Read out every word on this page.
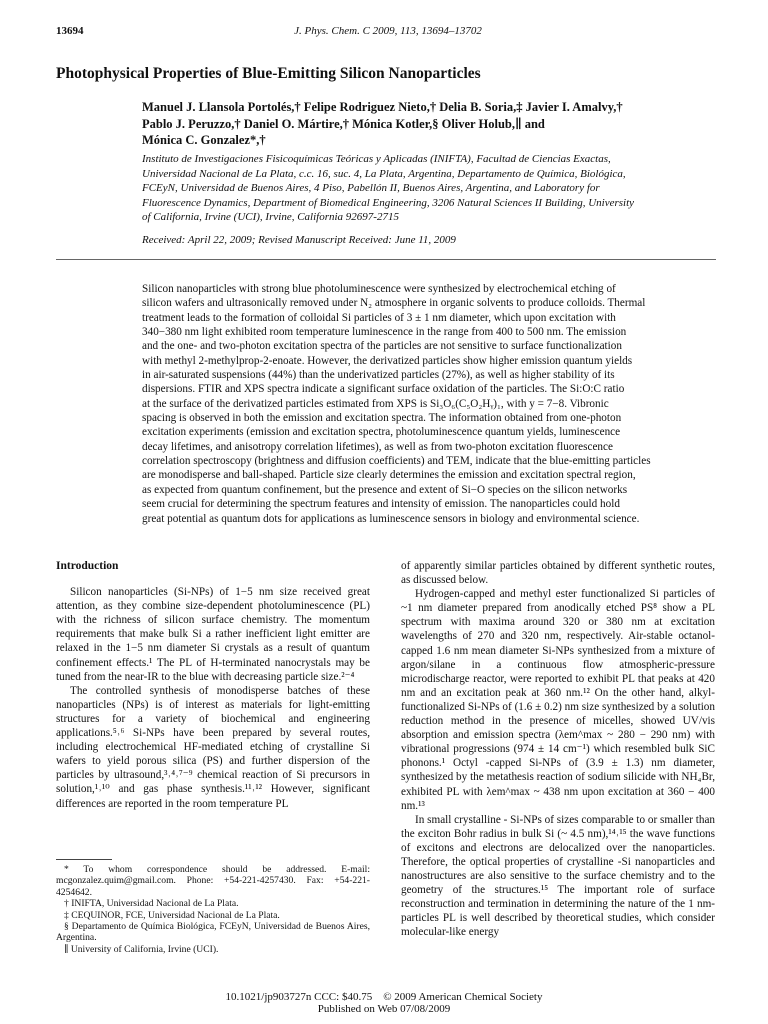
13694	J. Phys. Chem. C 2009, 113, 13694–13702
Photophysical Properties of Blue-Emitting Silicon Nanoparticles
Manuel J. Llansola Portolés,† Felipe Rodriguez Nieto,† Delia B. Soria,‡ Javier I. Amalvy,†
Pablo J. Peruzzo,† Daniel O. Mártire,† Mónica Kotler,§ Oliver Holub,∥ and
Mónica C. Gonzalez*,†
Instituto de Investigaciones Fisicoquímicas Teóricas y Aplicadas (INIFTA), Facultad de Ciencias Exactas,
Universidad Nacional de La Plata, c.c. 16, suc. 4, La Plata, Argentina, Departamento de Química, Biológica,
FCEyN, Universidad de Buenos Aires, 4 Piso, Pabellón II, Buenos Aires, Argentina, and Laboratory for
Fluorescence Dynamics, Department of Biomedical Engineering, 3206 Natural Sciences II Building, University
of California, Irvine (UCI), Irvine, California 92697-2715
Received: April 22, 2009; Revised Manuscript Received: June 11, 2009
Silicon nanoparticles with strong blue photoluminescence were synthesized by electrochemical etching of
silicon wafers and ultrasonically removed under N₂ atmosphere in organic solvents to produce colloids. Thermal
treatment leads to the formation of colloidal Si particles of 3 ± 1 nm diameter, which upon excitation with
340−380 nm light exhibited room temperature luminescence in the range from 400 to 500 nm. The emission
and the one- and two-photon excitation spectra of the particles are not sensitive to surface functionalization
with methyl 2-methylprop-2-enoate. However, the derivatized particles show higher emission quantum yields
in air-saturated suspensions (44%) than the underivatized particles (27%), as well as higher stability of its
dispersions. FTIR and XPS spectra indicate a significant surface oxidation of the particles. The Si:O:C ratio
at the surface of the derivatized particles estimated from XPS is Si₃O₆(C₅O₂Hᵧ)₁, with y = 7−8. Vibronic
spacing is observed in both the emission and excitation spectra. The information obtained from one-photon
excitation experiments (emission and excitation spectra, photoluminescence quantum yields, luminescence
decay lifetimes, and anisotropy correlation lifetimes), as well as from two-photon excitation fluorescence
correlation spectroscopy (brightness and diffusion coefficients) and TEM, indicate that the blue-emitting particles
are monodisperse and ball-shaped. Particle size clearly determines the emission and excitation spectral region,
as expected from quantum confinement, but the presence and extent of Si−O species on the silicon networks
seem crucial for determining the spectrum features and intensity of emission. The nanoparticles could hold
great potential as quantum dots for applications as luminescence sensors in biology and environmental science.
Introduction

Silicon nanoparticles (Si-NPs) of 1−5 nm size received great attention, as they combine size-dependent photoluminescence (PL) with the richness of silicon surface chemistry. The momentum requirements that make bulk Si a rather inefficient light emitter are relaxed in the 1−5 nm diameter Si crystals as a result of quantum confinement effects.¹ The PL of H-terminated nanocrystals may be tuned from the near-IR to the blue with decreasing particle size.²⁻⁴

The controlled synthesis of monodisperse batches of these nanoparticles (NPs) is of interest as materials for light-emitting structures for a variety of biochemical and engineering applications.⁵˒⁶ Si-NPs have been prepared by several routes, including electrochemical HF-mediated etching of crystalline Si wafers to yield porous silica (PS) and further dispersion of the particles by ultrasound,³˒⁴˒⁷⁻⁹ chemical reaction of Si precursors in solution,¹˒¹⁰ and gas phase synthesis.¹¹˒¹² However, significant differences are reported in the room temperature PL

* To whom correspondence should be addressed. E-mail: mcgonzalez.quim@gmail.com. Phone: +54-221-4257430. Fax: +54-221-4254642.
† INIFTA, Universidad Nacional de La Plata.
‡ CEQUINOR, FCE, Universidad Nacional de La Plata.
§ Departamento de Química Biológica, FCEyN, Universidad de Buenos Aires, Argentina.
∥ University of California, Irvine (UCI).

of apparently similar particles obtained by different synthetic routes, as discussed below.

Hydrogen-capped and methyl ester functionalized Si particles of ~1 nm diameter prepared from anodically etched PS⁸ show a PL spectrum with maxima around 320 or 380 nm at excitation wavelengths of 270 and 320 nm, respectively. Air-stable octanol-capped 1.6 nm mean diameter Si-NPs synthesized from a mixture of argon/silane in a continuous flow atmospheric-pressure microdischarge reactor, were reported to exhibit PL that peaks at 420 nm and an excitation peak at 360 nm.¹² On the other hand, alkyl-functionalized Si-NPs of (1.6 ± 0.2) nm size synthesized by a solution reduction method in the presence of micelles, showed UV/vis absorption and emission spectra (λem^max ~ 280 − 290 nm) with vibrational progressions (974 ± 14 cm⁻¹) which resembled bulk SiC phonons.¹ Octyl -capped Si-NPs of (3.9 ± 1.3) nm diameter, synthesized by the metathesis reaction of sodium silicide with NH₄Br, exhibited PL with λem^max ~ 438 nm upon excitation at 360 − 400 nm.¹³

In small crystalline - Si-NPs of sizes comparable to or smaller than the exciton Bohr radius in bulk Si (~ 4.5 nm),¹⁴˒¹⁵ the wave functions of excitons and electrons are delocalized over the nanoparticles. Therefore, the optical properties of crystalline -Si nanoparticles and nanostructures are also sensitive to the surface chemistry and to the geometry of the structures.¹⁵ The important role of surface reconstruction and termination in determining the nature of the 1 nm- particles PL is well described by theoretical studies, which consider molecular-like energy

10.1021/jp903727n CCC: $40.75    © 2009 American Chemical Society
Published on Web 07/08/2009
